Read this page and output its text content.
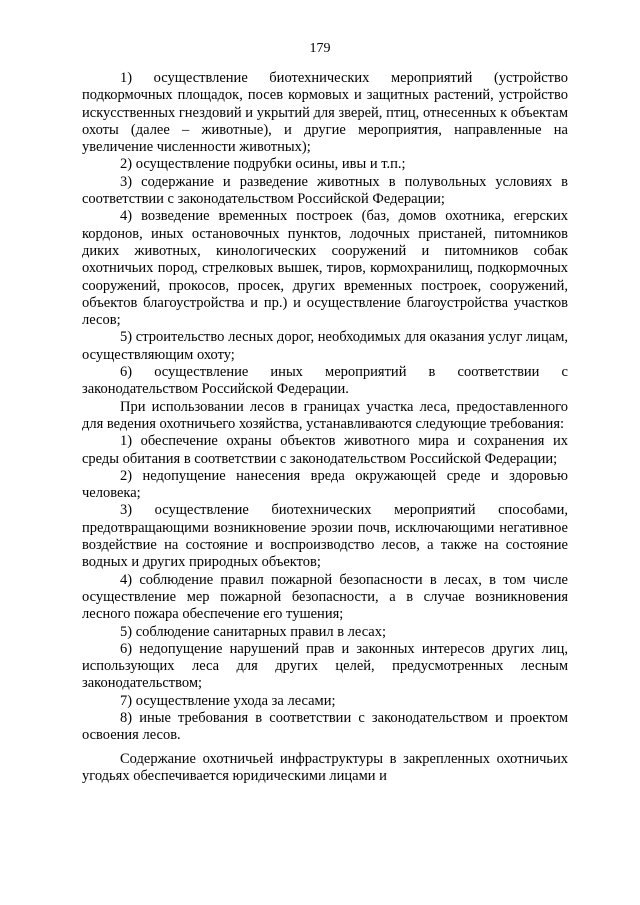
179

1) осуществление биотехнических мероприятий (устройство подкормочных площадок, посев кормовых и защитных растений, устройство искусственных гнездовий и укрытий для зверей, птиц, отнесенных к объектам охоты (далее – животные), и другие мероприятия, направленные на увеличение численности животных);

2) осуществление подрубки осины, ивы и т.п.;

3) содержание и разведение животных в полувольных условиях в соответствии с законодательством Российской Федерации;

4) возведение временных построек (баз, домов охотника, егерских кордонов, иных остановочных пунктов, лодочных пристаней, питомников диких животных, кинологических сооружений и питомников собак охотничьих пород, стрелковых вышек, тиров, кормохранилищ, подкормочных сооружений, прокосов, просек, других временных построек, сооружений, объектов благоустройства и пр.) и осуществление благоустройства участков лесов;

5) строительство лесных дорог, необходимых для оказания услуг лицам, осуществляющим охоту;

6) осуществление иных мероприятий в соответствии с законодательством Российской Федерации.

При использовании лесов в границах участка леса, предоставленного для ведения охотничьего хозяйства, устанавливаются следующие требования:

1) обеспечение охраны объектов животного мира и сохранения их среды обитания в соответствии с законодательством Российской Федерации;

2) недопущение нанесения вреда окружающей среде и здоровью человека;

3) осуществление биотехнических мероприятий способами, предотвращающими возникновение эрозии почв, исключающими негативное воздействие на состояние и воспроизводство лесов, а также на состояние водных и других природных объектов;

4) соблюдение правил пожарной безопасности в лесах, в том числе осуществление мер пожарной безопасности, а в случае возникновения лесного пожара обеспечение его тушения;

5) соблюдение санитарных правил в лесах;

6) недопущение нарушений прав и законных интересов других лиц, использующих леса для других целей, предусмотренных лесным законодательством;

7) осуществление ухода за лесами;

8) иные требования в соответствии с законодательством и проектом освоения лесов.

Содержание охотничьей инфраструктуры в закрепленных охотничьих угодьях обеспечивается юридическими лицами и
